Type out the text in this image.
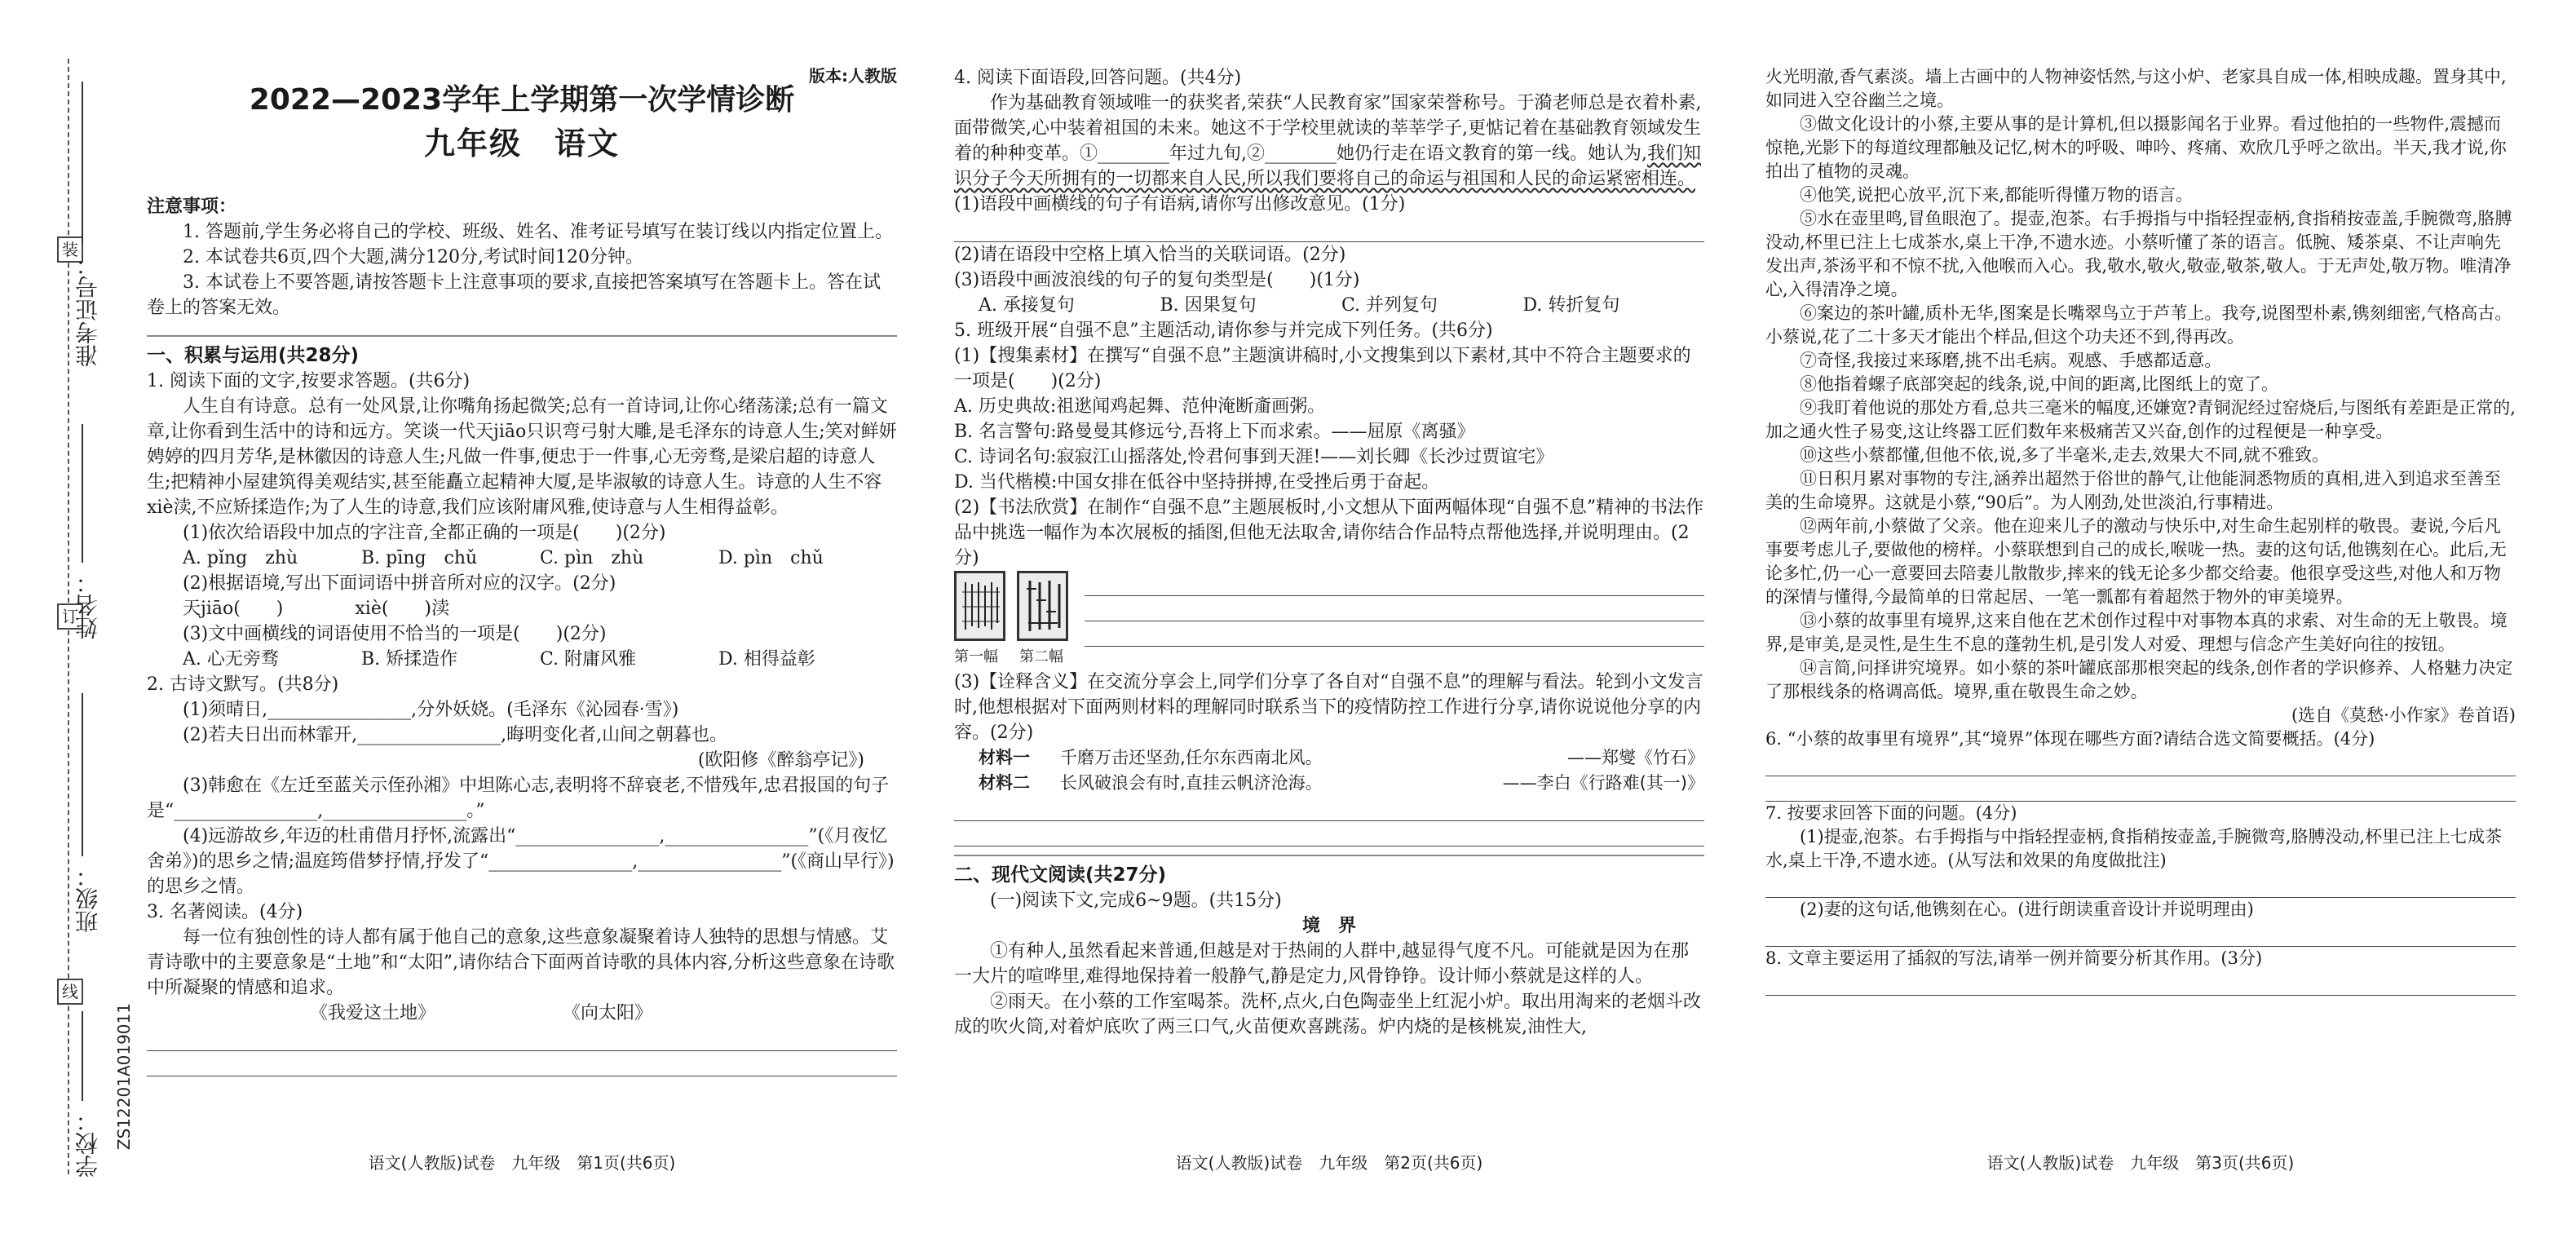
装
订
线
准考证号：
姓名：
班级：
学校： ZS12201A019011
版本:人教版
2022—2023学年上学期第一次学情诊断
九年级　语文
注意事项：

1. 答题前,学生务必将自己的学校、班级、姓名、准考证号填写在装订线以内指定位置上。

2. 本试卷共6页,四个大题,满分120分,考试时间120分钟。

3. 本试卷上不要答题,请按答题卡上注意事项的要求,直接把答案填写在答题卡上。答在试卷上的答案无效。

一、积累与运用(共28分)

1. 阅读下面的文字,按要求答题。(共6分)

人生自有诗意。总有一处风景,让你嘴角扬起微笑;总有一首诗词,让你心绪荡漾;总有一篇文章,让你看到生活中的诗和远方。笑谈一代天jiāo只识弯弓射大雕,是毛泽东的诗意人生;笑对鲜妍娉婷的四月芳华,是林徽因的诗意人生;凡做一件事,便忠于一件事,心无旁骛,是梁启超的诗意人生;把精神小屋建筑得美观结实,甚至能矗立起精神大厦,是毕淑敏的诗意人生。诗意的人生不容xiè渎,不应矫揉造作;为了人生的诗意,我们应该附庸风雅,使诗意与人生相得益彰。

(1)依次给语段中加点的字注音,全都正确的一项是(　　)(2分)

A. pǐng　zhù	B. pīng　chǔ	C. pìn　zhù	D. pìn　chǔ

(2)根据语境,写出下面词语中拼音所对应的汉字。(2分)

天jiāo(　　)　　　　xiè(　　)渎

(3)文中画横线的词语使用不恰当的一项是(　　)(2分)

A. 心无旁骛	B. 矫揉造作	C. 附庸风雅	D. 相得益彰

2. 古诗文默写。(共8分)

(1)须晴日,________________,分外妖娆。(毛泽东《沁园春·雪》)

(2)若夫日出而林霏开,________________,晦明变化者,山间之朝暮也。

(欧阳修《醉翁亭记》)

(3)韩愈在《左迁至蓝关示侄孙湘》中坦陈心志,表明将不辞衰老,不惜残年,忠君报国的句子是“________________,________________。”

(4)远游故乡,年迈的杜甫借月抒怀,流露出“________________,________________”(《月夜忆舍弟》)的思乡之情;温庭筠借梦抒情,抒发了“________________,________________”(《商山早行》)的思乡之情。

3. 名著阅读。(4分)

每一位有独创性的诗人都有属于他自己的意象,这些意象凝聚着诗人独特的思想与情感。艾青诗歌中的主要意象是“土地”和“太阳”,请你结合下面两首诗歌的具体内容,分析这些意象在诗歌中所凝聚的情感和追求。

《我爱这土地》	《向太阳》
语文(人教版)试卷　九年级　第1页(共6页)

4. 阅读下面语段,回答问题。(共4分)

作为基础教育领域唯一的获奖者,荣获“人民教育家”国家荣誉称号。于漪老师总是衣着朴素,面带微笑,心中装着祖国的未来。她这不于学校里就读的莘莘学子,更惦记着在基础教育领域发生着的种种变革。①________年过九旬,②________她仍行走在语文教育的第一线。她认为,我们知识分子今天所拥有的一切都来自人民,所以我们要将自己的命运与祖国和人民的命运紧密相连。

(1)语段中画横线的句子有语病,请你写出修改意见。(1分)

(2)请在语段中空格上填入恰当的关联词语。(2分)

(3)语段中画波浪线的句子的复句类型是(　　)(1分)

A. 承接复句	B. 因果复句	C. 并列复句	D. 转折复句

5. 班级开展“自强不息”主题活动,请你参与并完成下列任务。(共6分)

(1)【搜集素材】在撰写“自强不息”主题演讲稿时,小文搜集到以下素材,其中不符合主题要求的一项是(　　)(2分)

A. 历史典故:祖逖闻鸡起舞、范仲淹断齑画粥。

B. 名言警句:路曼曼其修远兮,吾将上下而求索。——屈原《离骚》

C. 诗词名句:寂寂江山摇落处,怜君何事到天涯!——刘长卿《长沙过贾谊宅》

D. 当代楷模:中国女排在低谷中坚持拼搏,在受挫后勇于奋起。

(2)【书法欣赏】在制作“自强不息”主题展板时,小文想从下面两幅体现“自强不息”精神的书法作品中挑选一幅作为本次展板的插图,但他无法取舍,请你结合作品特点帮他选择,并说明理由。(2分)

第一幅 第二幅

(3)【诠释含义】在交流分享会上,同学们分享了各自对“自强不息”的理解与看法。轮到小文发言时,他想根据对下面两则材料的理解同时联系当下的疫情防控工作进行分享,请你说说他分享的内容。(2分)

材料一	千磨万击还坚劲,任尔东西南北风。	——郑燮《竹石》
材料二	长风破浪会有时,直挂云帆济沧海。	——李白《行路难(其一)》
二、现代文阅读(共27分)

(一)阅读下文,完成6~9题。(共15分)

境　界

①有种人,虽然看起来普通,但越是对于热闹的人群中,越显得气度不凡。可能就是因为在那一大片的喧哗里,难得地保持着一般静气,静是定力,风骨铮铮。设计师小蔡就是这样的人。

②雨天。在小蔡的工作室喝茶。洗杯,点火,白色陶壶坐上红泥小炉。取出用淘来的老烟斗改成的吹火筒,对着炉底吹了两三口气,火苗便欢喜跳荡。炉内烧的是核桃炭,油性大,

语文(人教版)试卷　九年级　第2页(共6页)

火光明澈,香气素淡。墙上古画中的人物神姿恬然,与这小炉、老家具自成一体,相映成趣。置身其中,如同进入空谷幽兰之境。

③做文化设计的小蔡,主要从事的是计算机,但以摄影闻名于业界。看过他拍的一些物件,震撼而惊艳,光影下的每道纹理都触及记忆,树木的呼吸、呻吟、疼痛、欢欣几乎呼之欲出。半天,我才说,你拍出了植物的灵魂。

④他笑,说把心放平,沉下来,都能听得懂万物的语言。

⑤水在壶里鸣,冒鱼眼泡了。提壶,泡茶。右手拇指与中指轻捏壶柄,食指稍按壶盖,手腕微弯,胳膊没动,杯里已注上七成茶水,桌上干净,不遗水迹。小蔡听懂了茶的语言。低腕、矮茶桌、不让声响先发出声,茶汤平和不惊不扰,入他喉而入心。我,敬水,敬火,敬壶,敬茶,敬人。于无声处,敬万物。唯清净心,入得清净之境。

⑥案边的茶叶罐,质朴无华,图案是长嘴翠鸟立于芦苇上。我夸,说图型朴素,镌刻细密,气格高古。小蔡说,花了二十多天才能出个样品,但这个功夫还不到,得再改。

⑦奇怪,我接过来琢磨,挑不出毛病。观感、手感都适意。

⑧他指着螺子底部突起的线条,说,中间的距离,比图纸上的宽了。

⑨我盯着他说的那处方看,总共三毫米的幅度,还嫌宽?青铜泥经过窑烧后,与图纸有差距是正常的,加之通火性子易变,这让终器工匠们数年来极痛苦又兴奋,创作的过程便是一种享受。

⑩这些小蔡都懂,但他不依,说,多了半毫米,走去,效果大不同,就不雅致。

⑪日积月累对事物的专注,涵养出超然于俗世的静气,让他能洞悉物质的真相,进入到追求至善至美的生命境界。这就是小蔡,“90后”。为人刚劲,处世淡泊,行事精进。

⑫两年前,小蔡做了父亲。他在迎来儿子的激动与快乐中,对生命生起别样的敬畏。妻说,今后凡事要考虑儿子,要做他的榜样。小蔡联想到自己的成长,喉咙一热。妻的这句话,他镌刻在心。此后,无论多忙,仍一心一意要回去陪妻儿散散步,摔来的钱无论多少都交给妻。他很享受这些,对他人和万物的深情与懂得,今最简单的日常起居、一笔一瓢都有着超然于物外的审美境界。

⑬小蔡的故事里有境界,这来自他在艺术创作过程中对事物本真的求索、对生命的无上敬畏。境界,是审美,是灵性,是生生不息的蓬勃生机,是引发人对爱、理想与信念产生美好向往的按钮。

⑭言简,问择讲究境界。如小蔡的茶叶罐底部那根突起的线条,创作者的学识修养、人格魅力决定了那根线条的格调高低。境界,重在敬畏生命之妙。

(选自《莫愁·小作家》卷首语)

6. “小蔡的故事里有境界”,其“境界”体现在哪些方面?请结合选文简要概括。(4分)

7. 按要求回答下面的问题。(4分)

(1)提壶,泡茶。右手拇指与中指轻捏壶柄,食指稍按壶盖,手腕微弯,胳膊没动,杯里已注上七成茶水,桌上干净,不遗水迹。(从写法和效果的角度做批注)

(2)妻的这句话,他镌刻在心。(进行朗读重音设计并说明理由)

8. 文章主要运用了插叙的写法,请举一例并简要分析其作用。(3分)

语文(人教版)试卷　九年级　第3页(共6页)
